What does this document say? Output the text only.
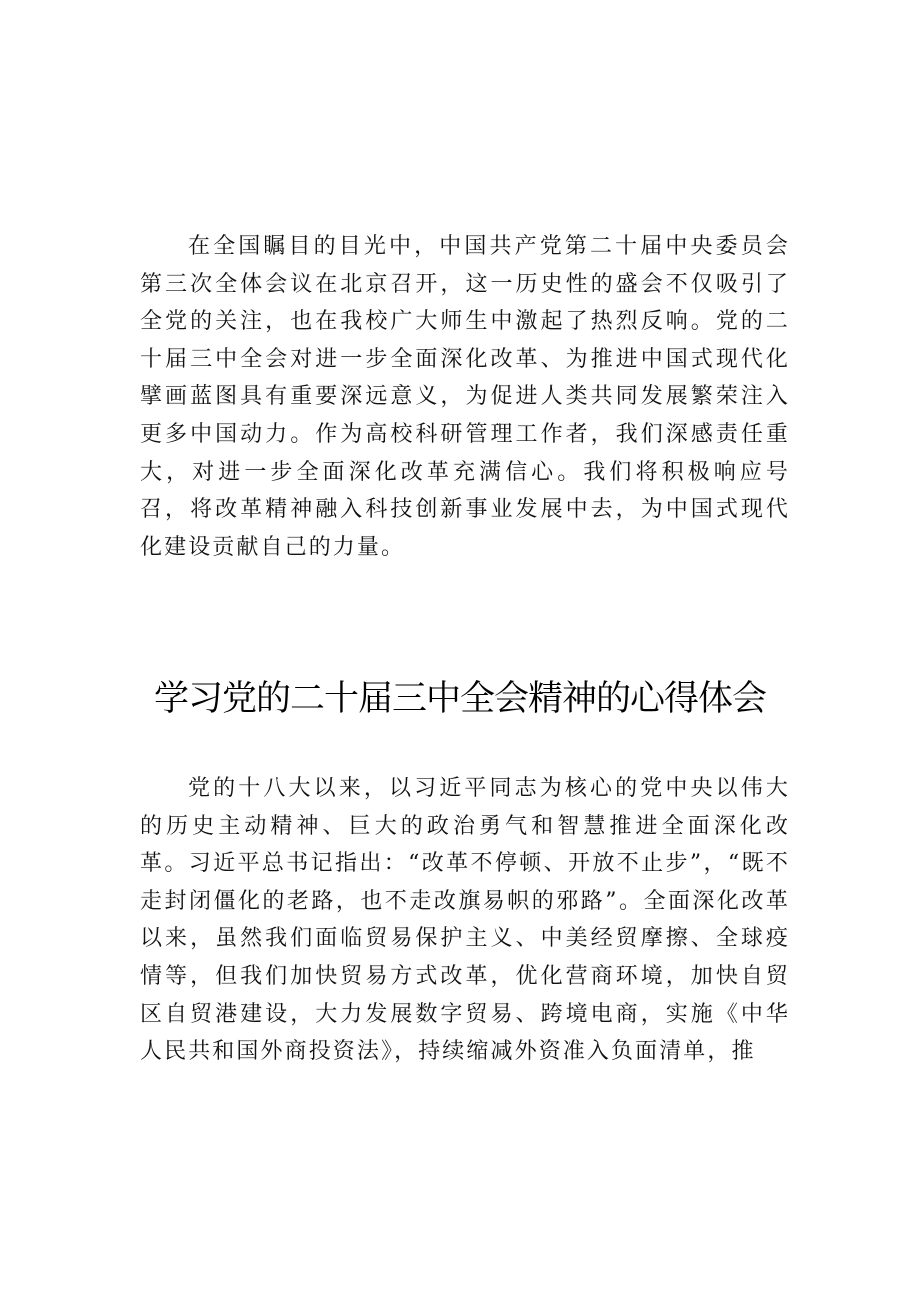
在全国瞩目的目光中，中国共产党第二十届中央委员会第三次全体会议在北京召开，这一历史性的盛会不仅吸引了全党的关注，也在我校广大师生中激起了热烈反响。党的二十届三中全会对进一步全面深化改革、为推进中国式现代化擘画蓝图具有重要深远意义，为促进人类共同发展繁荣注入更多中国动力。作为高校科研管理工作者，我们深感责任重大，对进一步全面深化改革充满信心。我们将积极响应号召，将改革精神融入科技创新事业发展中去，为中国式现代化建设贡献自己的力量。

学习党的二十届三中全会精神的心得体会

党的十八大以来，以习近平同志为核心的党中央以伟大的历史主动精神、巨大的政治勇气和智慧推进全面深化改革。习近平总书记指出：“改革不停顿、开放不止步”，“既不走封闭僵化的老路，也不走改旗易帜的邪路”。全面深化改革以来，虽然我们面临贸易保护主义、中美经贸摩擦、全球疫情等，但我们加快贸易方式改革，优化营商环境，加快自贸区自贸港建设，大力发展数字贸易、跨境电商，实施《中华人民共和国外商投资法》，持续缩减外资准入负面清单，推
